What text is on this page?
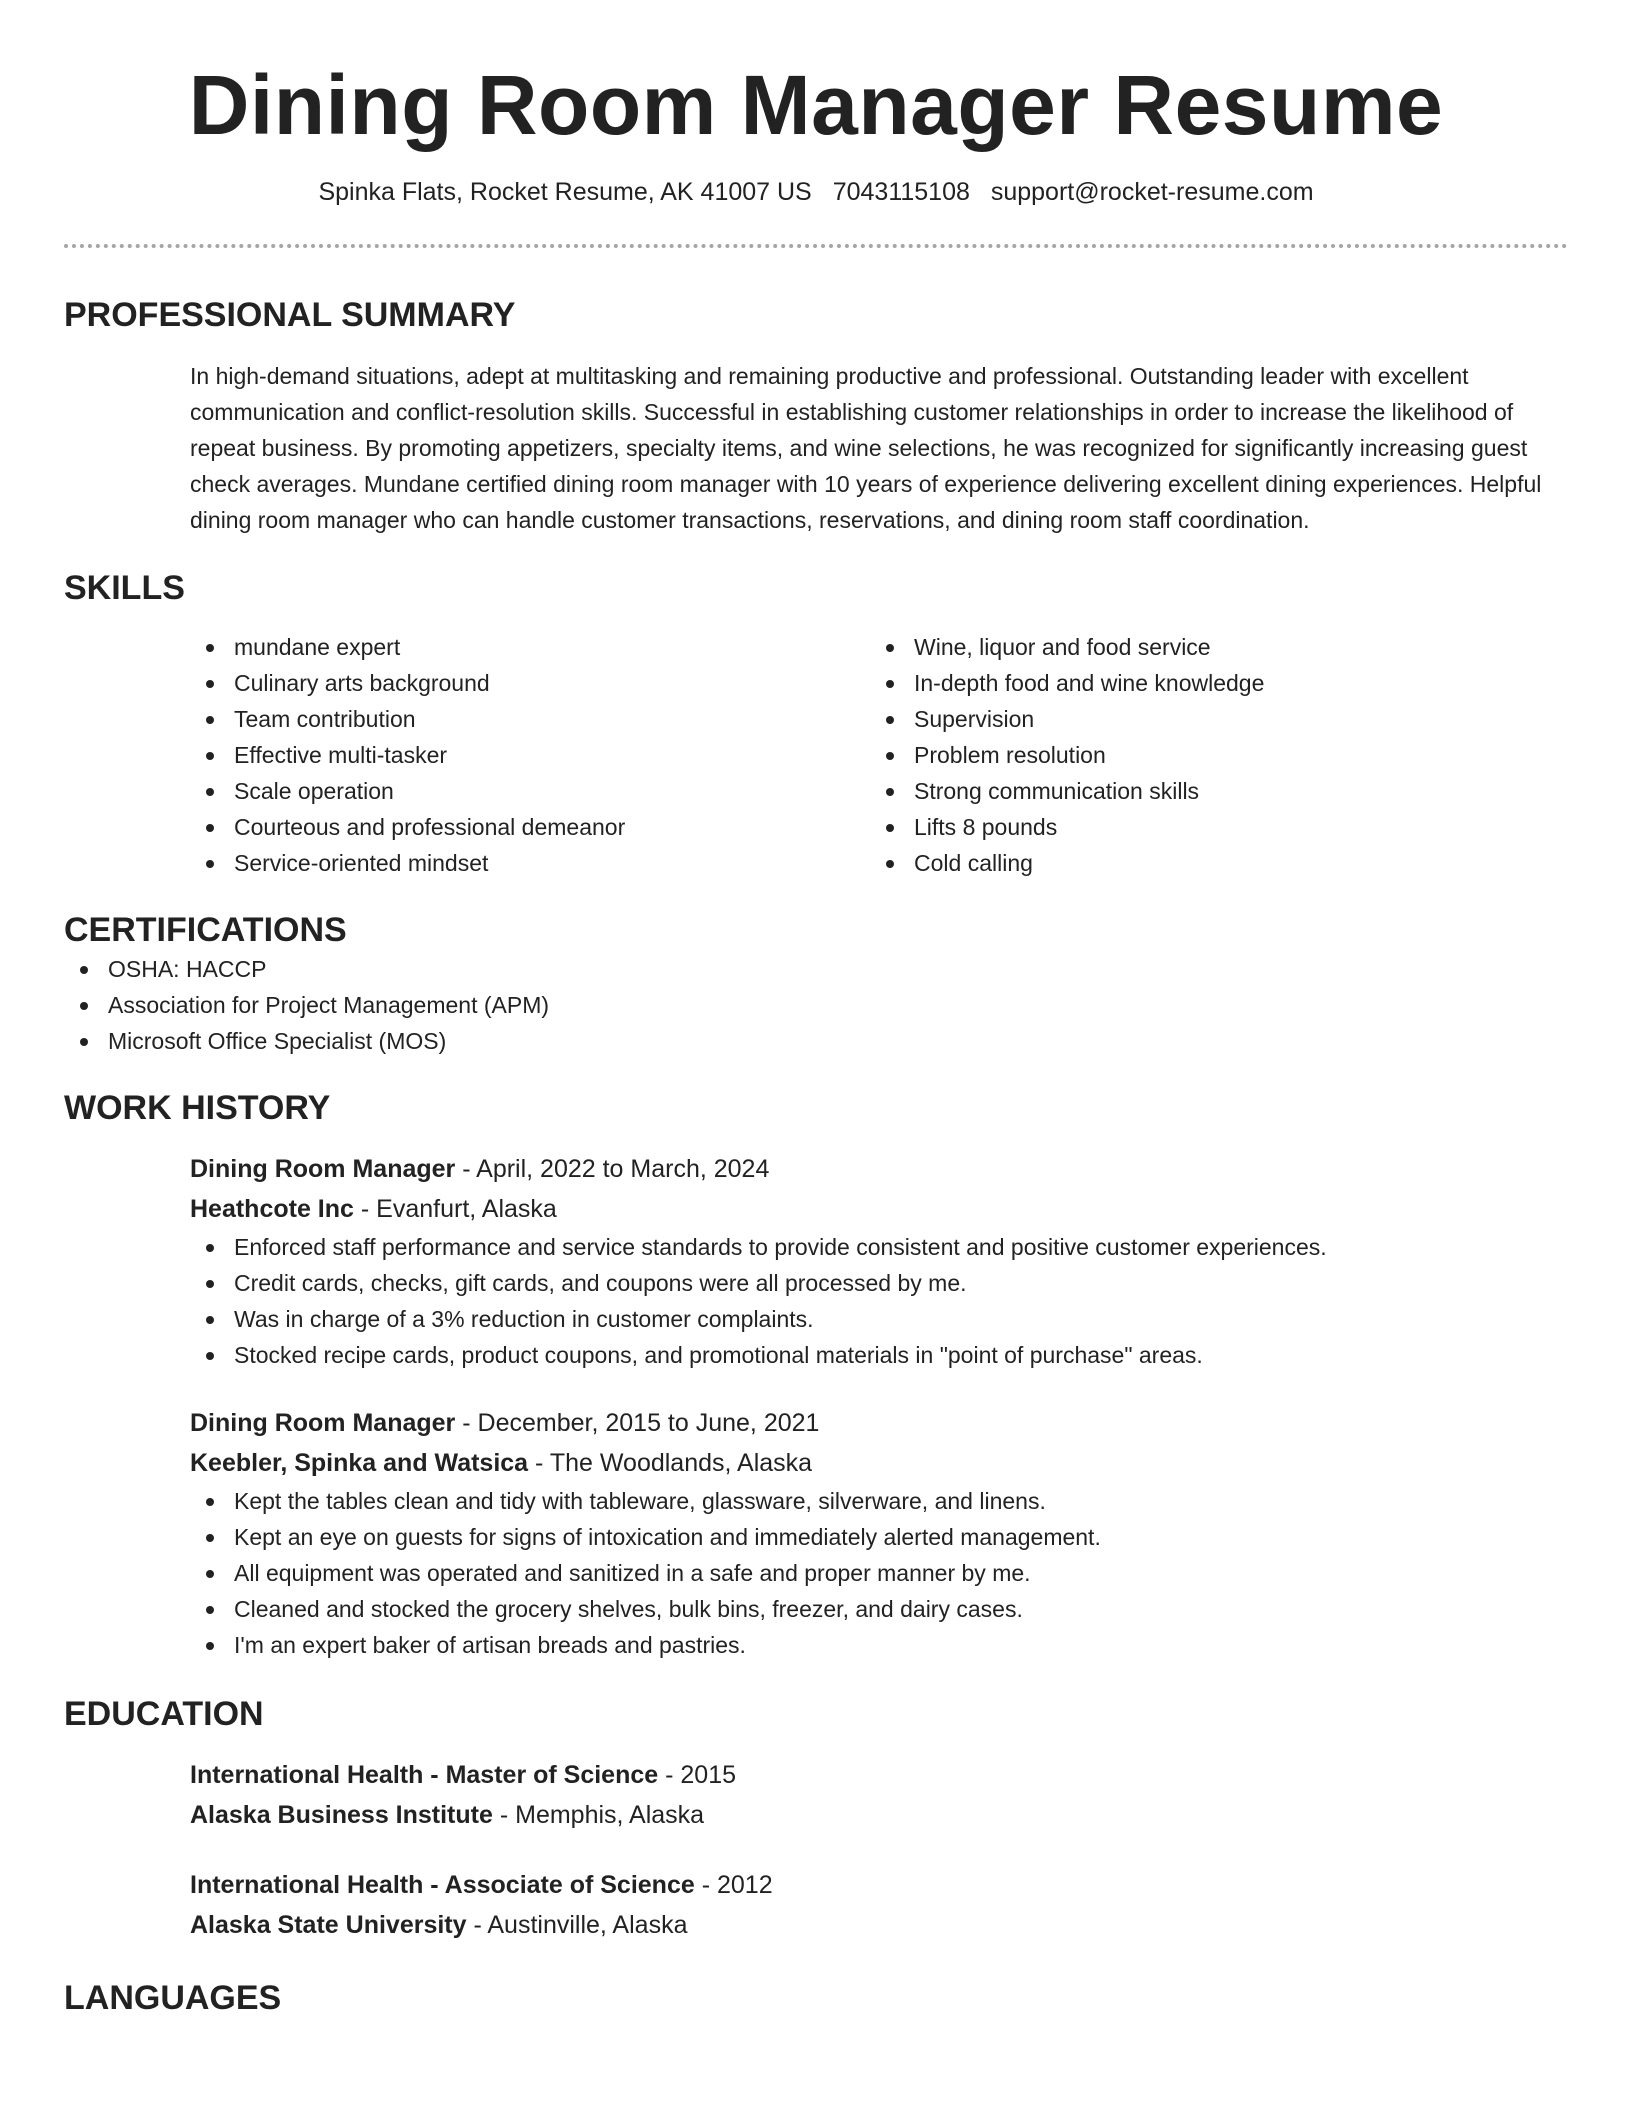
Dining Room Manager Resume
Spinka Flats, Rocket Resume, AK 41007 US 7043115108 support@rocket-resume.com
PROFESSIONAL SUMMARY
In high-demand situations, adept at multitasking and remaining productive and professional. Outstanding leader with excellent communication and conflict-resolution skills. Successful in establishing customer relationships in order to increase the likelihood of repeat business. By promoting appetizers, specialty items, and wine selections, he was recognized for significantly increasing guest check averages. Mundane certified dining room manager with 10 years of experience delivering excellent dining experiences. Helpful dining room manager who can handle customer transactions, reservations, and dining room staff coordination.
SKILLS
mundane expert
Culinary arts background
Team contribution
Effective multi-tasker
Scale operation
Courteous and professional demeanor
Service-oriented mindset
Wine, liquor and food service
In-depth food and wine knowledge
Supervision
Problem resolution
Strong communication skills
Lifts 8 pounds
Cold calling
CERTIFICATIONS
OSHA: HACCP
Association for Project Management (APM)
Microsoft Office Specialist (MOS)
WORK HISTORY
Dining Room Manager - April, 2022 to March, 2024
Heathcote Inc - Evanfurt, Alaska
Enforced staff performance and service standards to provide consistent and positive customer experiences.
Credit cards, checks, gift cards, and coupons were all processed by me.
Was in charge of a 3% reduction in customer complaints.
Stocked recipe cards, product coupons, and promotional materials in "point of purchase" areas.
Dining Room Manager - December, 2015 to June, 2021
Keebler, Spinka and Watsica - The Woodlands, Alaska
Kept the tables clean and tidy with tableware, glassware, silverware, and linens.
Kept an eye on guests for signs of intoxication and immediately alerted management.
All equipment was operated and sanitized in a safe and proper manner by me.
Cleaned and stocked the grocery shelves, bulk bins, freezer, and dairy cases.
I'm an expert baker of artisan breads and pastries.
EDUCATION
International Health - Master of Science - 2015
Alaska Business Institute - Memphis, Alaska
International Health - Associate of Science - 2012
Alaska State University - Austinville, Alaska
LANGUAGES
